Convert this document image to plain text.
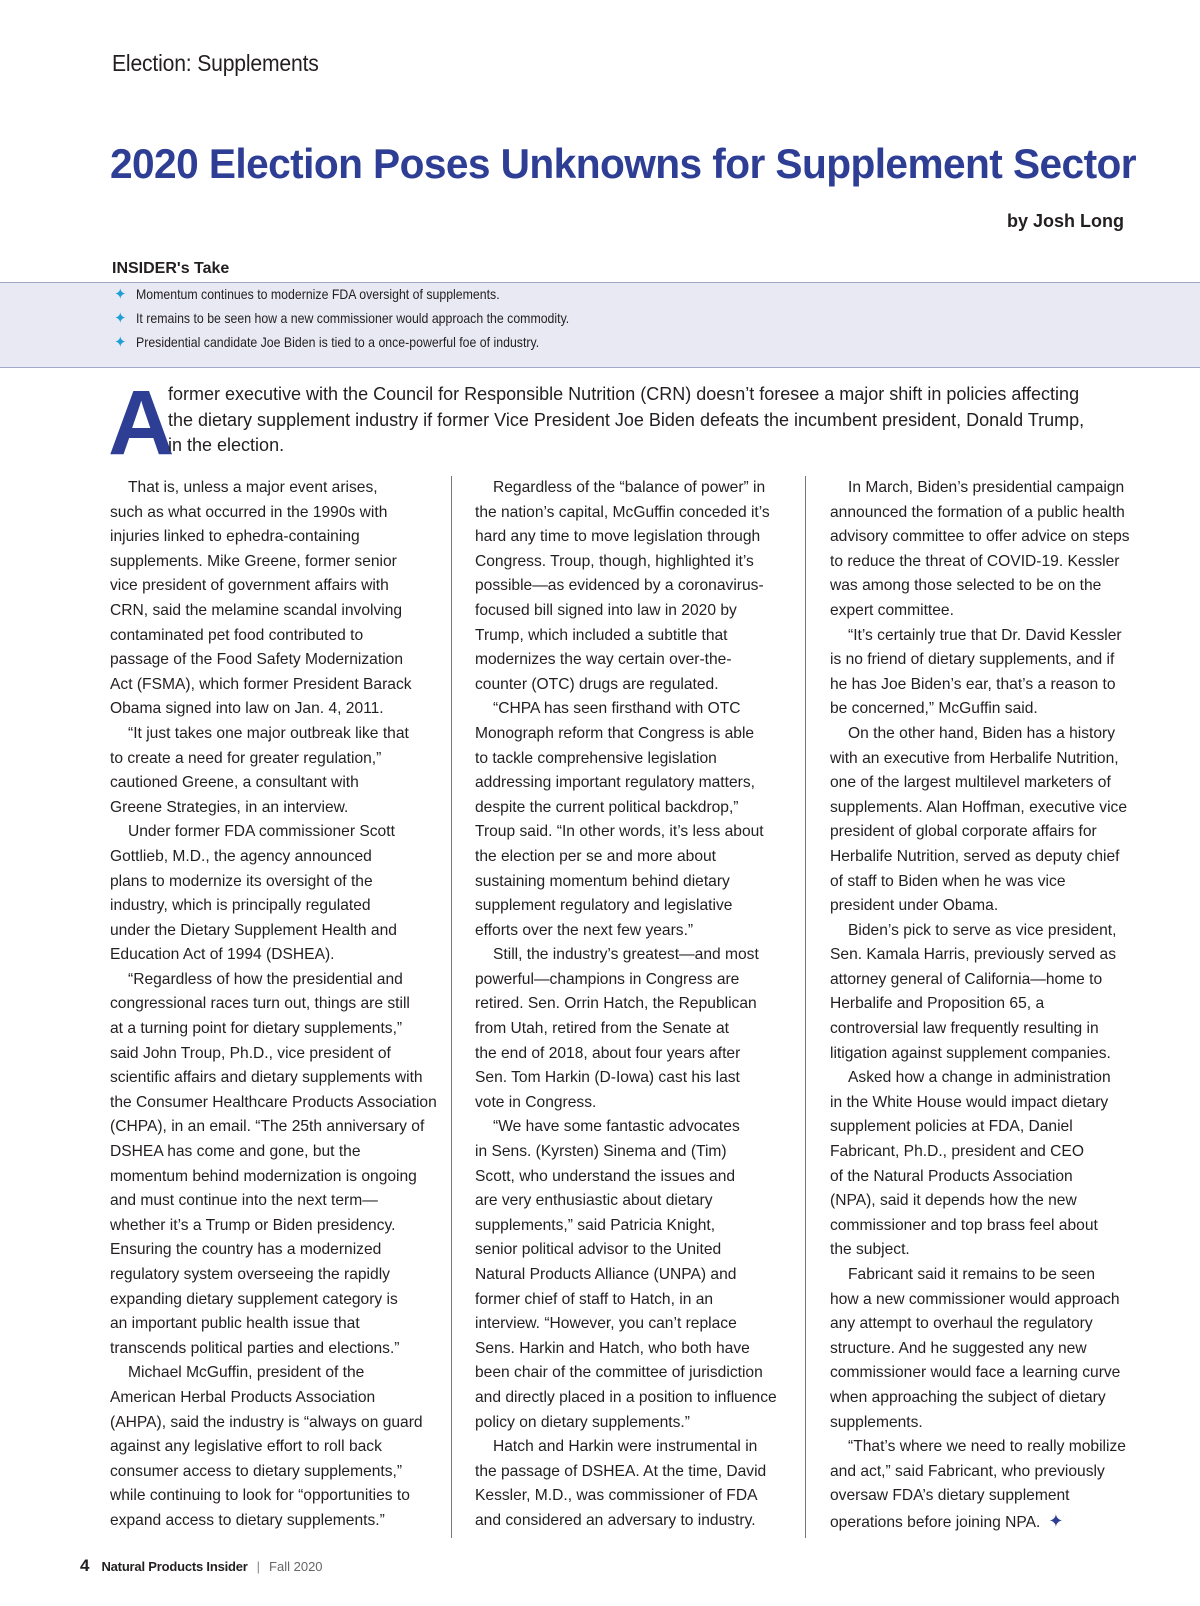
Election: Supplements
2020 Election Poses Unknowns for Supplement Sector
by Josh Long
INSIDER's Take
✦ Momentum continues to modernize FDA oversight of supplements.
✦ It remains to be seen how a new commissioner would approach the commodity.
✦ Presidential candidate Joe Biden is tied to a once-powerful foe of industry.
A
former executive with the Council for Responsible Nutrition (CRN) doesn’t foresee a major shift in policies affecting
the dietary supplement industry if former Vice President Joe Biden defeats the incumbent president, Donald Trump,
in the election.
That is, unless a major event arises,
such as what occurred in the 1990s with
injuries linked to ephedra-containing
supplements. Mike Greene, former senior
vice president of government affairs with
CRN, said the melamine scandal involving
contaminated pet food contributed to
passage of the Food Safety Modernization
Act (FSMA), which former President Barack
Obama signed into law on Jan. 4, 2011.
“It just takes one major outbreak like that
to create a need for greater regulation,”
cautioned Greene, a consultant with
Greene Strategies, in an interview.
Under former FDA commissioner Scott
Gottlieb, M.D., the agency announced
plans to modernize its oversight of the
industry, which is principally regulated
under the Dietary Supplement Health and
Education Act of 1994 (DSHEA).
“Regardless of how the presidential and
congressional races turn out, things are still
at a turning point for dietary supplements,”
said John Troup, Ph.D., vice president of
scientific affairs and dietary supplements with
the Consumer Healthcare Products Association
(CHPA), in an email. “The 25th anniversary of
DSHEA has come and gone, but the
momentum behind modernization is ongoing
and must continue into the next term—
whether it’s a Trump or Biden presidency.
Ensuring the country has a modernized
regulatory system overseeing the rapidly
expanding dietary supplement category is
an important public health issue that
transcends political parties and elections.”
Michael McGuffin, president of the
American Herbal Products Association
(AHPA), said the industry is “always on guard
against any legislative effort to roll back
consumer access to dietary supplements,”
while continuing to look for “opportunities to
expand access to dietary supplements.”
Regardless of the “balance of power” in
the nation’s capital, McGuffin conceded it’s
hard any time to move legislation through
Congress. Troup, though, highlighted it’s
possible—as evidenced by a coronavirus-
focused bill signed into law in 2020 by
Trump, which included a subtitle that
modernizes the way certain over-the-
counter (OTC) drugs are regulated.
“CHPA has seen firsthand with OTC
Monograph reform that Congress is able
to tackle comprehensive legislation
addressing important regulatory matters,
despite the current political backdrop,”
Troup said. “In other words, it’s less about
the election per se and more about
sustaining momentum behind dietary
supplement regulatory and legislative
efforts over the next few years.”
Still, the industry’s greatest—and most
powerful—champions in Congress are
retired. Sen. Orrin Hatch, the Republican
from Utah, retired from the Senate at
the end of 2018, about four years after
Sen. Tom Harkin (D-Iowa) cast his last
vote in Congress.
“We have some fantastic advocates
in Sens. (Kyrsten) Sinema and (Tim)
Scott, who understand the issues and
are very enthusiastic about dietary
supplements,” said Patricia Knight,
senior political advisor to the United
Natural Products Alliance (UNPA) and
former chief of staff to Hatch, in an
interview. “However, you can’t replace
Sens. Harkin and Hatch, who both have
been chair of the committee of jurisdiction
and directly placed in a position to influence
policy on dietary supplements.”
Hatch and Harkin were instrumental in
the passage of DSHEA. At the time, David
Kessler, M.D., was commissioner of FDA
and considered an adversary to industry.
In March, Biden’s presidential campaign
announced the formation of a public health
advisory committee to offer advice on steps
to reduce the threat of COVID-19. Kessler
was among those selected to be on the
expert committee.
“It’s certainly true that Dr. David Kessler
is no friend of dietary supplements, and if
he has Joe Biden’s ear, that’s a reason to
be concerned,” McGuffin said.
On the other hand, Biden has a history
with an executive from Herbalife Nutrition,
one of the largest multilevel marketers of
supplements. Alan Hoffman, executive vice
president of global corporate affairs for
Herbalife Nutrition, served as deputy chief
of staff to Biden when he was vice
president under Obama.
Biden’s pick to serve as vice president,
Sen. Kamala Harris, previously served as
attorney general of California—home to
Herbalife and Proposition 65, a
controversial law frequently resulting in
litigation against supplement companies.
Asked how a change in administration
in the White House would impact dietary
supplement policies at FDA, Daniel
Fabricant, Ph.D., president and CEO
of the Natural Products Association
(NPA), said it depends how the new
commissioner and top brass feel about
the subject.
Fabricant said it remains to be seen
how a new commissioner would approach
any attempt to overhaul the regulatory
structure. And he suggested any new
commissioner would face a learning curve
when approaching the subject of dietary
supplements.
“That’s where we need to really mobilize
and act,” said Fabricant, who previously
oversaw FDA’s dietary supplement
operations before joining NPA. ✦
4 Natural Products Insider | Fall 2020
